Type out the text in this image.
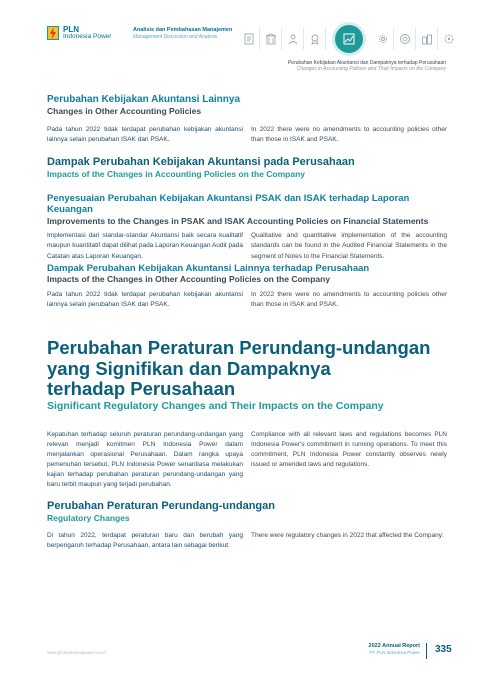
PLN
Indonesia Power
Analisis dan Pembahasan Manajemen
Management Discussion and Analysis
Perubahan Kebijakan Akuntansi dan Dampaknya terhadap Perusahaan
Changes in Accounting Policies and Their Impacts on the Company
Perubahan Kebijakan Akuntansi Lainnya
Changes in Other Accounting Policies
Pada tahun 2022 tidak terdapat perubahan kebijakan akuntansi lainnya selain perubahan ISAK dan PSAK.
In 2022 there were no amendments to accounting policies other than those in ISAK and PSAK.
Dampak Perubahan Kebijakan Akuntansi pada Perusahaan
Impacts of the Changes in Accounting Policies on the Company
Penyesuaian Perubahan Kebijakan Akuntansi PSAK dan ISAK terhadap Laporan Keuangan
Improvements to the Changes in PSAK and ISAK Accounting Policies on Financial Statements
Implementasi dari standar-standar Akuntansi baik secara kualitatif maupun kuantitatif dapat dilihat pada Laporan Keuangan Audit pada Catatan atas Laporan Keuangan.
Qualitative and quantitative implementation of the accounting standards can be found in the Audited Financial Statements in the segment of Notes to the Financial Statements.
Dampak Perubahan Kebijakan Akuntansi Lainnya terhadap Perusahaan
Impacts of the Changes in Other Accounting Policies on the Company
Pada tahun 2022 tidak terdapat perubahan kebijakan akuntansi lainnya selain perubahan ISAK dan PSAK.
In 2022 there were no amendments to accounting policies other than those in ISAK and PSAK.
Perubahan Peraturan Perundang-undangan
yang Signifikan dan Dampaknya
terhadap Perusahaan
Significant Regulatory Changes and Their Impacts on the Company
Kepatuhan terhadap seluruh peraturan perundang-undangan yang relevan menjadi komitmen PLN Indonesia Power dalam menjalankan operasional Perusahaan. Dalam rangka upaya pemenuhan tersebut, PLN Indonesia Power senantiasa melakukan kajian terhadap perubahan peraturan perundang-undangan yang baru terbit maupun yang terjadi perubahan.
Compliance with all relevant laws and regulations becomes PLN Indonesia Power's commitment in running operations. To meet this commitment, PLN Indonesia Power constantly observes newly issued or amended laws and regulations.
Perubahan Peraturan Perundang-undangan
Regulatory Changes
Di tahun 2022, terdapat peraturan baru dan berubah yang berpengaruh terhadap Perusahaan, antara lain sebagai berikut:
There were regulatory changes in 2022 that affected the Company:
www.plnindonesiapower.co.id
2022 Annual Report
PT PLN Indonesia Power 335
